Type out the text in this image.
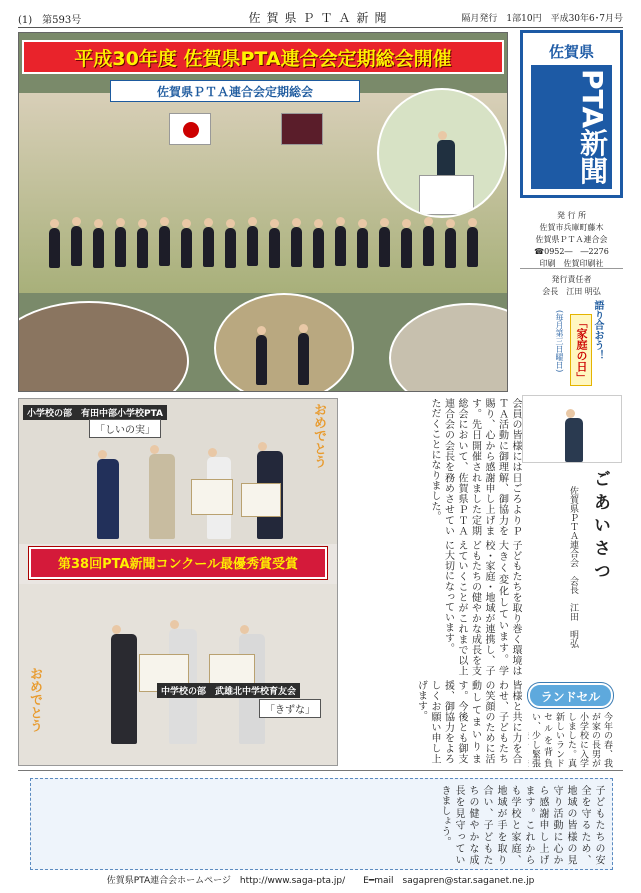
(1)　第593号	佐賀県ＰＴＡ新聞	隔月発行　1部10円　平成30年6･7月号
平成30年度 佐賀県PTA連合会定期総会開催
佐賀県ＰＴＡ連合会定期総会
佐賀県
PTA新聞
発 行 所
佐賀市兵庫町藤木
佐賀県ＰＴＡ連合会
☎0952―　―2276
印刷　佐賀印刷社
発行責任者
会長　江田 明弘
語り合おう！
「家庭の日」
(毎月第三日曜日)
小学校の部　有田中部小学校PTA
「しいの実」	おめでとう
第38回PTA新聞コンクール最優秀賞受賞
中学校の部　武雄北中学校育友会
「きずな」
おめでとう
ごあいさつ
佐賀県ＰＴＡ連合会　会長　江田　明弘
会員の皆様には日ごろよりＰＴＡ活動に御理解、御協力を賜り、心から感謝申し上げます。先日開催されました定期総会において、佐賀県ＰＴＡ連合会の会長を務めさせていただくことになりました。
子どもたちを取り巻く環境は大きく変化しています。学校・家庭・地域が連携し、子どもたちの健やかな成長を支えていくことがこれまで以上に大切になっています。
皆様と共に力を合わせ、子どもたちの笑顔のために活動してまいります。今後とも御支援、御協力をよろしくお願い申し上げます。	ランドセル
今年の春、我が家の長男が小学校に入学しました。真新しいランドセルを背負い、少し緊張
子どもたちの安全を守るため、地域の皆様の見守り活動に心から感謝申し上げます。これからも学校と家庭、地域が手を取り合い、子どもたちの健やかな成長を見守っていきましょう。
佐賀県PTA連合会ホームページ　http://www.saga-pta.jp/　　E━mail　sagapren@star.saganet.ne.jp
